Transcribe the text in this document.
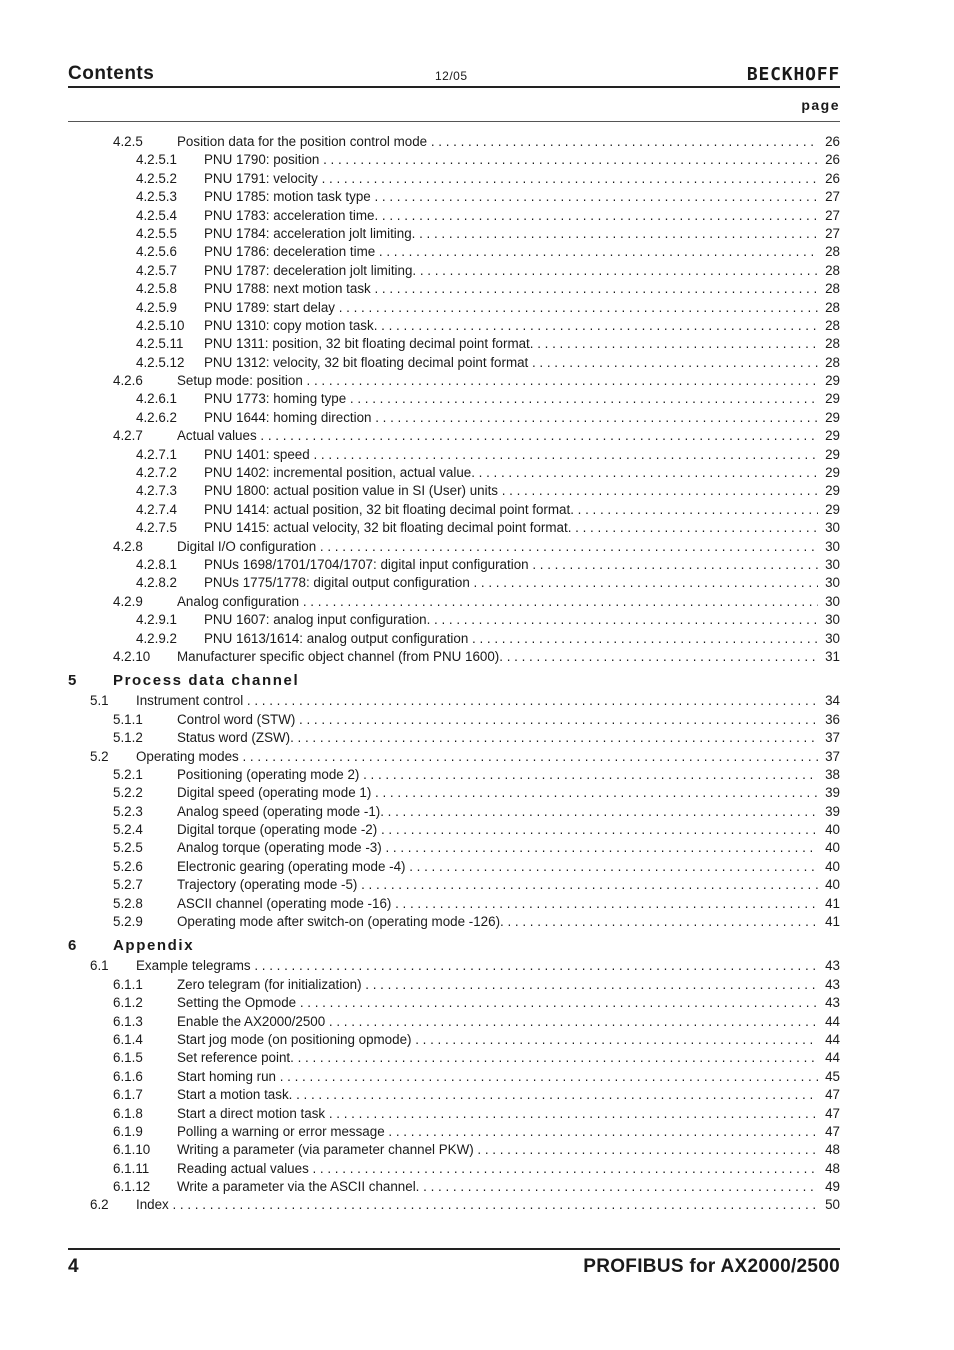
Contents	12/05	BECKHOFF
page
4.2.5	Position data for the position control mode . . .	26
4.2.5.1 PNU 1790: position . . .	26
4.2.5.2 PNU 1791: velocity . . .	26
4.2.5.3 PNU 1785: motion task type . . .	27
4.2.5.4 PNU 1783: acceleration time. . . .	27
4.2.5.5 PNU 1784: acceleration jolt limiting. . . .	27
4.2.5.6 PNU 1786: deceleration time . . .	28
4.2.5.7 PNU 1787: deceleration jolt limiting. . . .	28
4.2.5.8 PNU 1788: next motion task . . .	28
4.2.5.9 PNU 1789: start delay . . .	28
4.2.5.10 PNU 1310: copy motion task. . . .	28
4.2.5.11 PNU 1311: position, 32 bit floating decimal point format. . . .	28
4.2.5.12 PNU 1312: velocity, 32 bit floating decimal point format . . .	28
4.2.6	Setup mode: position . . .	29
4.2.6.1 PNU 1773: homing type . . .	29
4.2.6.2 PNU 1644: homing direction . . .	29
4.2.7	Actual values . . .	29
4.2.7.1 PNU 1401: speed . . .	29
4.2.7.2 PNU 1402: incremental position, actual value. . . .	29
4.2.7.3 PNU 1800: actual position value in SI (User) units . . .	29
4.2.7.4 PNU 1414: actual position, 32 bit floating decimal point format. . . .	29
4.2.7.5 PNU 1415: actual velocity, 32 bit floating decimal point format. . . .	30
4.2.8	Digital I/O configuration . . .	30
4.2.8.1 PNUs 1698/1701/1704/1707: digital input configuration . . .	30
4.2.8.2 PNUs 1775/1778: digital output configuration . . .	30
4.2.9	Analog configuration . . .	30
4.2.9.1 PNU 1607: analog input configuration. . . .	30
4.2.9.2 PNU 1613/1614: analog output configuration . . .	30
4.2.10 Manufacturer specific object channel (from PNU 1600). . . .	31
5 Process data channel
5.1 Instrument control . . .	34
5.1.1	Control word (STW) . . .	36
5.1.2	Status word (ZSW). . . .	37
5.2 Operating modes . . .	37
5.2.1	Positioning (operating mode 2) . . .	38
5.2.2	Digital speed (operating mode 1) . . .	39
5.2.3	Analog speed (operating mode -1). . . .	39
5.2.4	Digital torque (operating mode -2) . . .	40
5.2.5	Analog torque (operating mode -3) . . .	40
5.2.6	Electronic gearing (operating mode -4) . . .	40
5.2.7	Trajectory (operating mode -5) . . .	40
5.2.8	ASCII channel (operating mode -16) . . .	41
5.2.9	Operating mode after switch-on (operating mode -126). . . .	41
6 Appendix
6.1 Example telegrams . . .	43
6.1.1	Zero telegram (for initialization) . . .	43
6.1.2	Setting the Opmode . . .	43
6.1.3	Enable the AX2000/2500 . . .	44
6.1.4	Start jog mode (on positioning opmode) . . .	44
6.1.5	Set reference point. . . .	44
6.1.6	Start homing run . . .	45
6.1.7	Start a motion task. . . .	47
6.1.8	Start a direct motion task . . .	47
6.1.9	Polling a warning or error message . . .	47
6.1.10 Writing a parameter (via parameter channel PKW) . . .	48
6.1.11 Reading actual values . . .	48
6.1.12 Write a parameter via the ASCII channel. . . .	49
6.2 Index . . .	50
4	PROFIBUS for AX2000/2500
